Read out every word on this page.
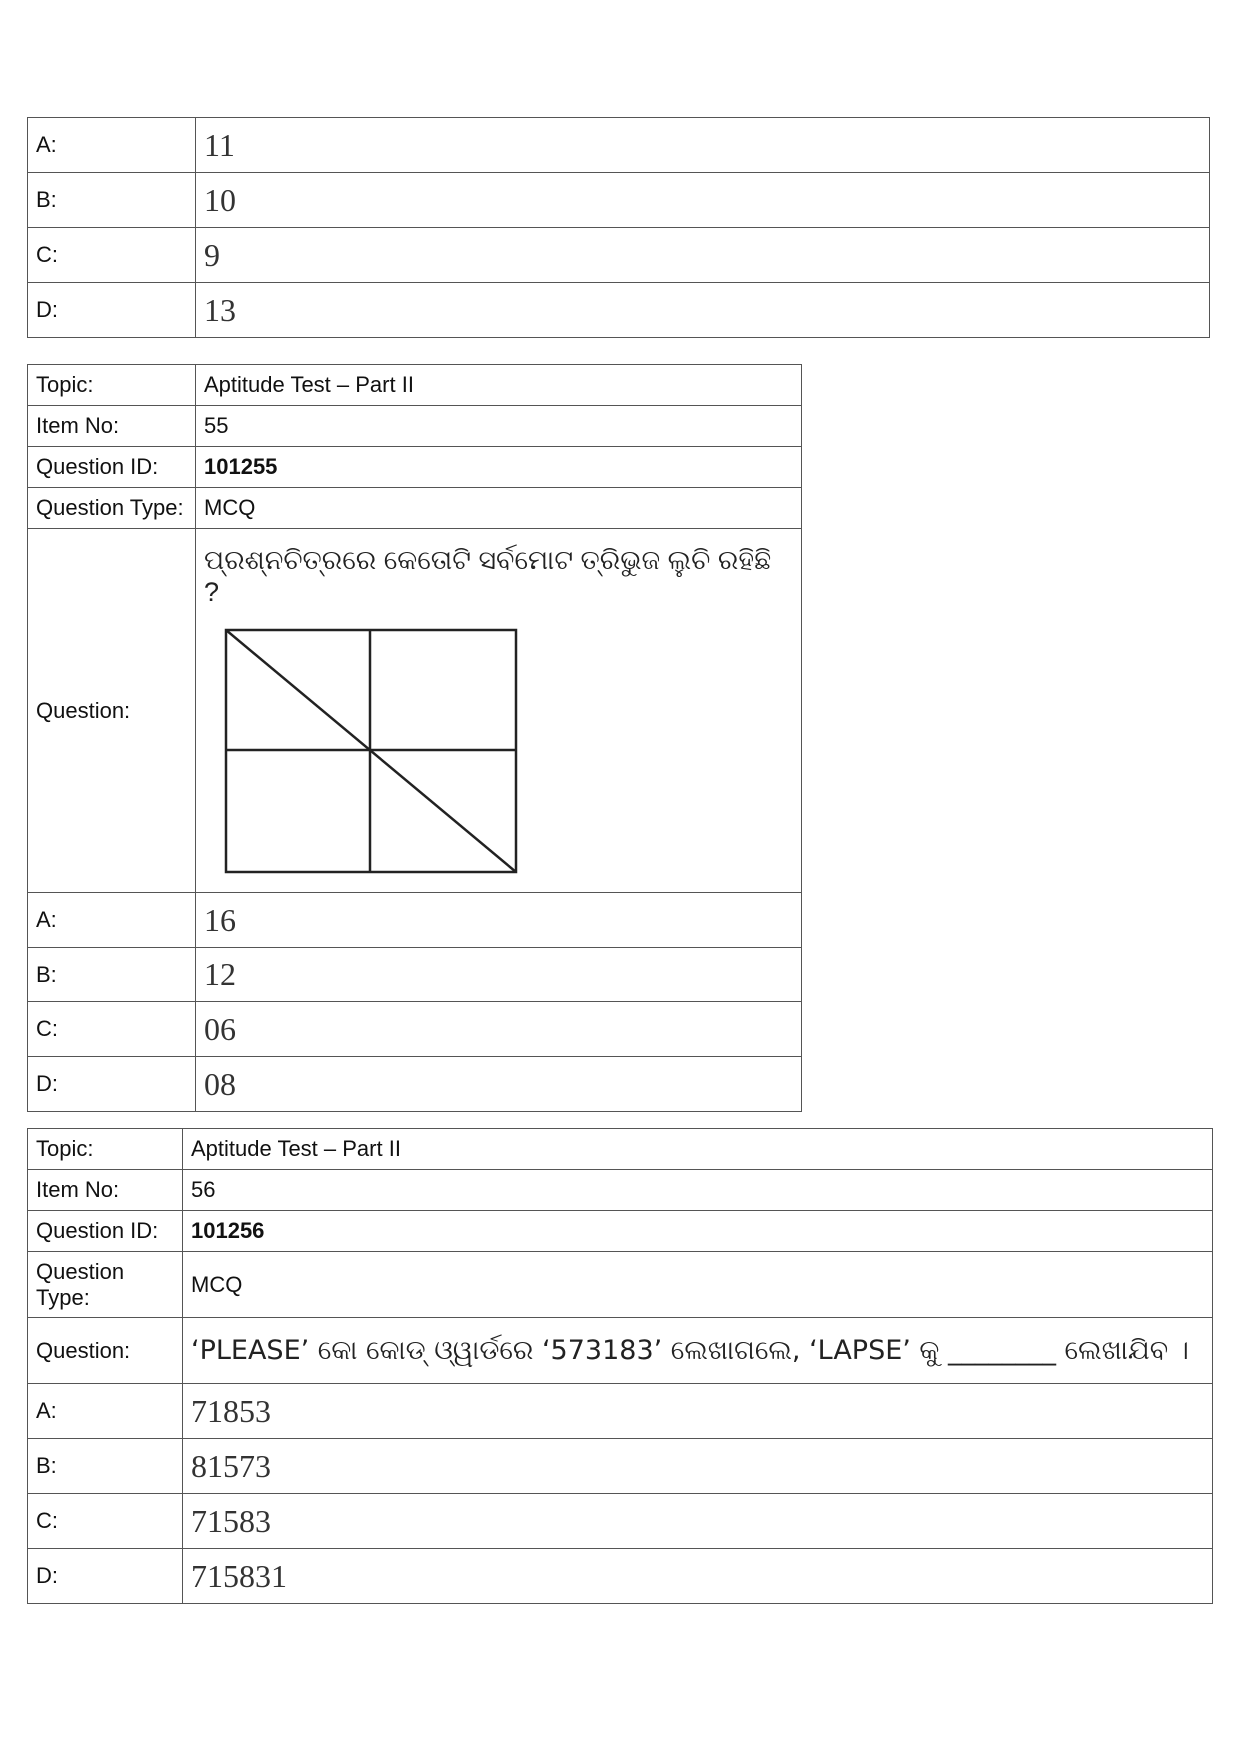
A:	11
B:	10
C:	9
D:	13
Topic:	Aptitude Test – Part II
Item No:	55
Question ID:	101255
Question Type:	MCQ
Question:	ପ୍ରଶ୍ନଚିତ୍ରରେ କେତୋଟି ସର୍ବମୋଟ ତ୍ରିଭୁଜ ଲୁଚି ରହିଛି ?

A:	16
B:	12
C:	06
D:	08
Topic:	Aptitude Test – Part II
Item No:	56
Question ID:	101256

Question Type:	MCQ
Question:	‘PLEASE’ କୋ କୋଡ୍ ଓ୍ୱାର୍ଡରେ ‘573183’ ଲେଖାଗଲେ, ‘LAPSE’ କୁ ________ ଲେଖାଯିବ ।
A:	71853
B:	81573
C:	71583
D:	715831
